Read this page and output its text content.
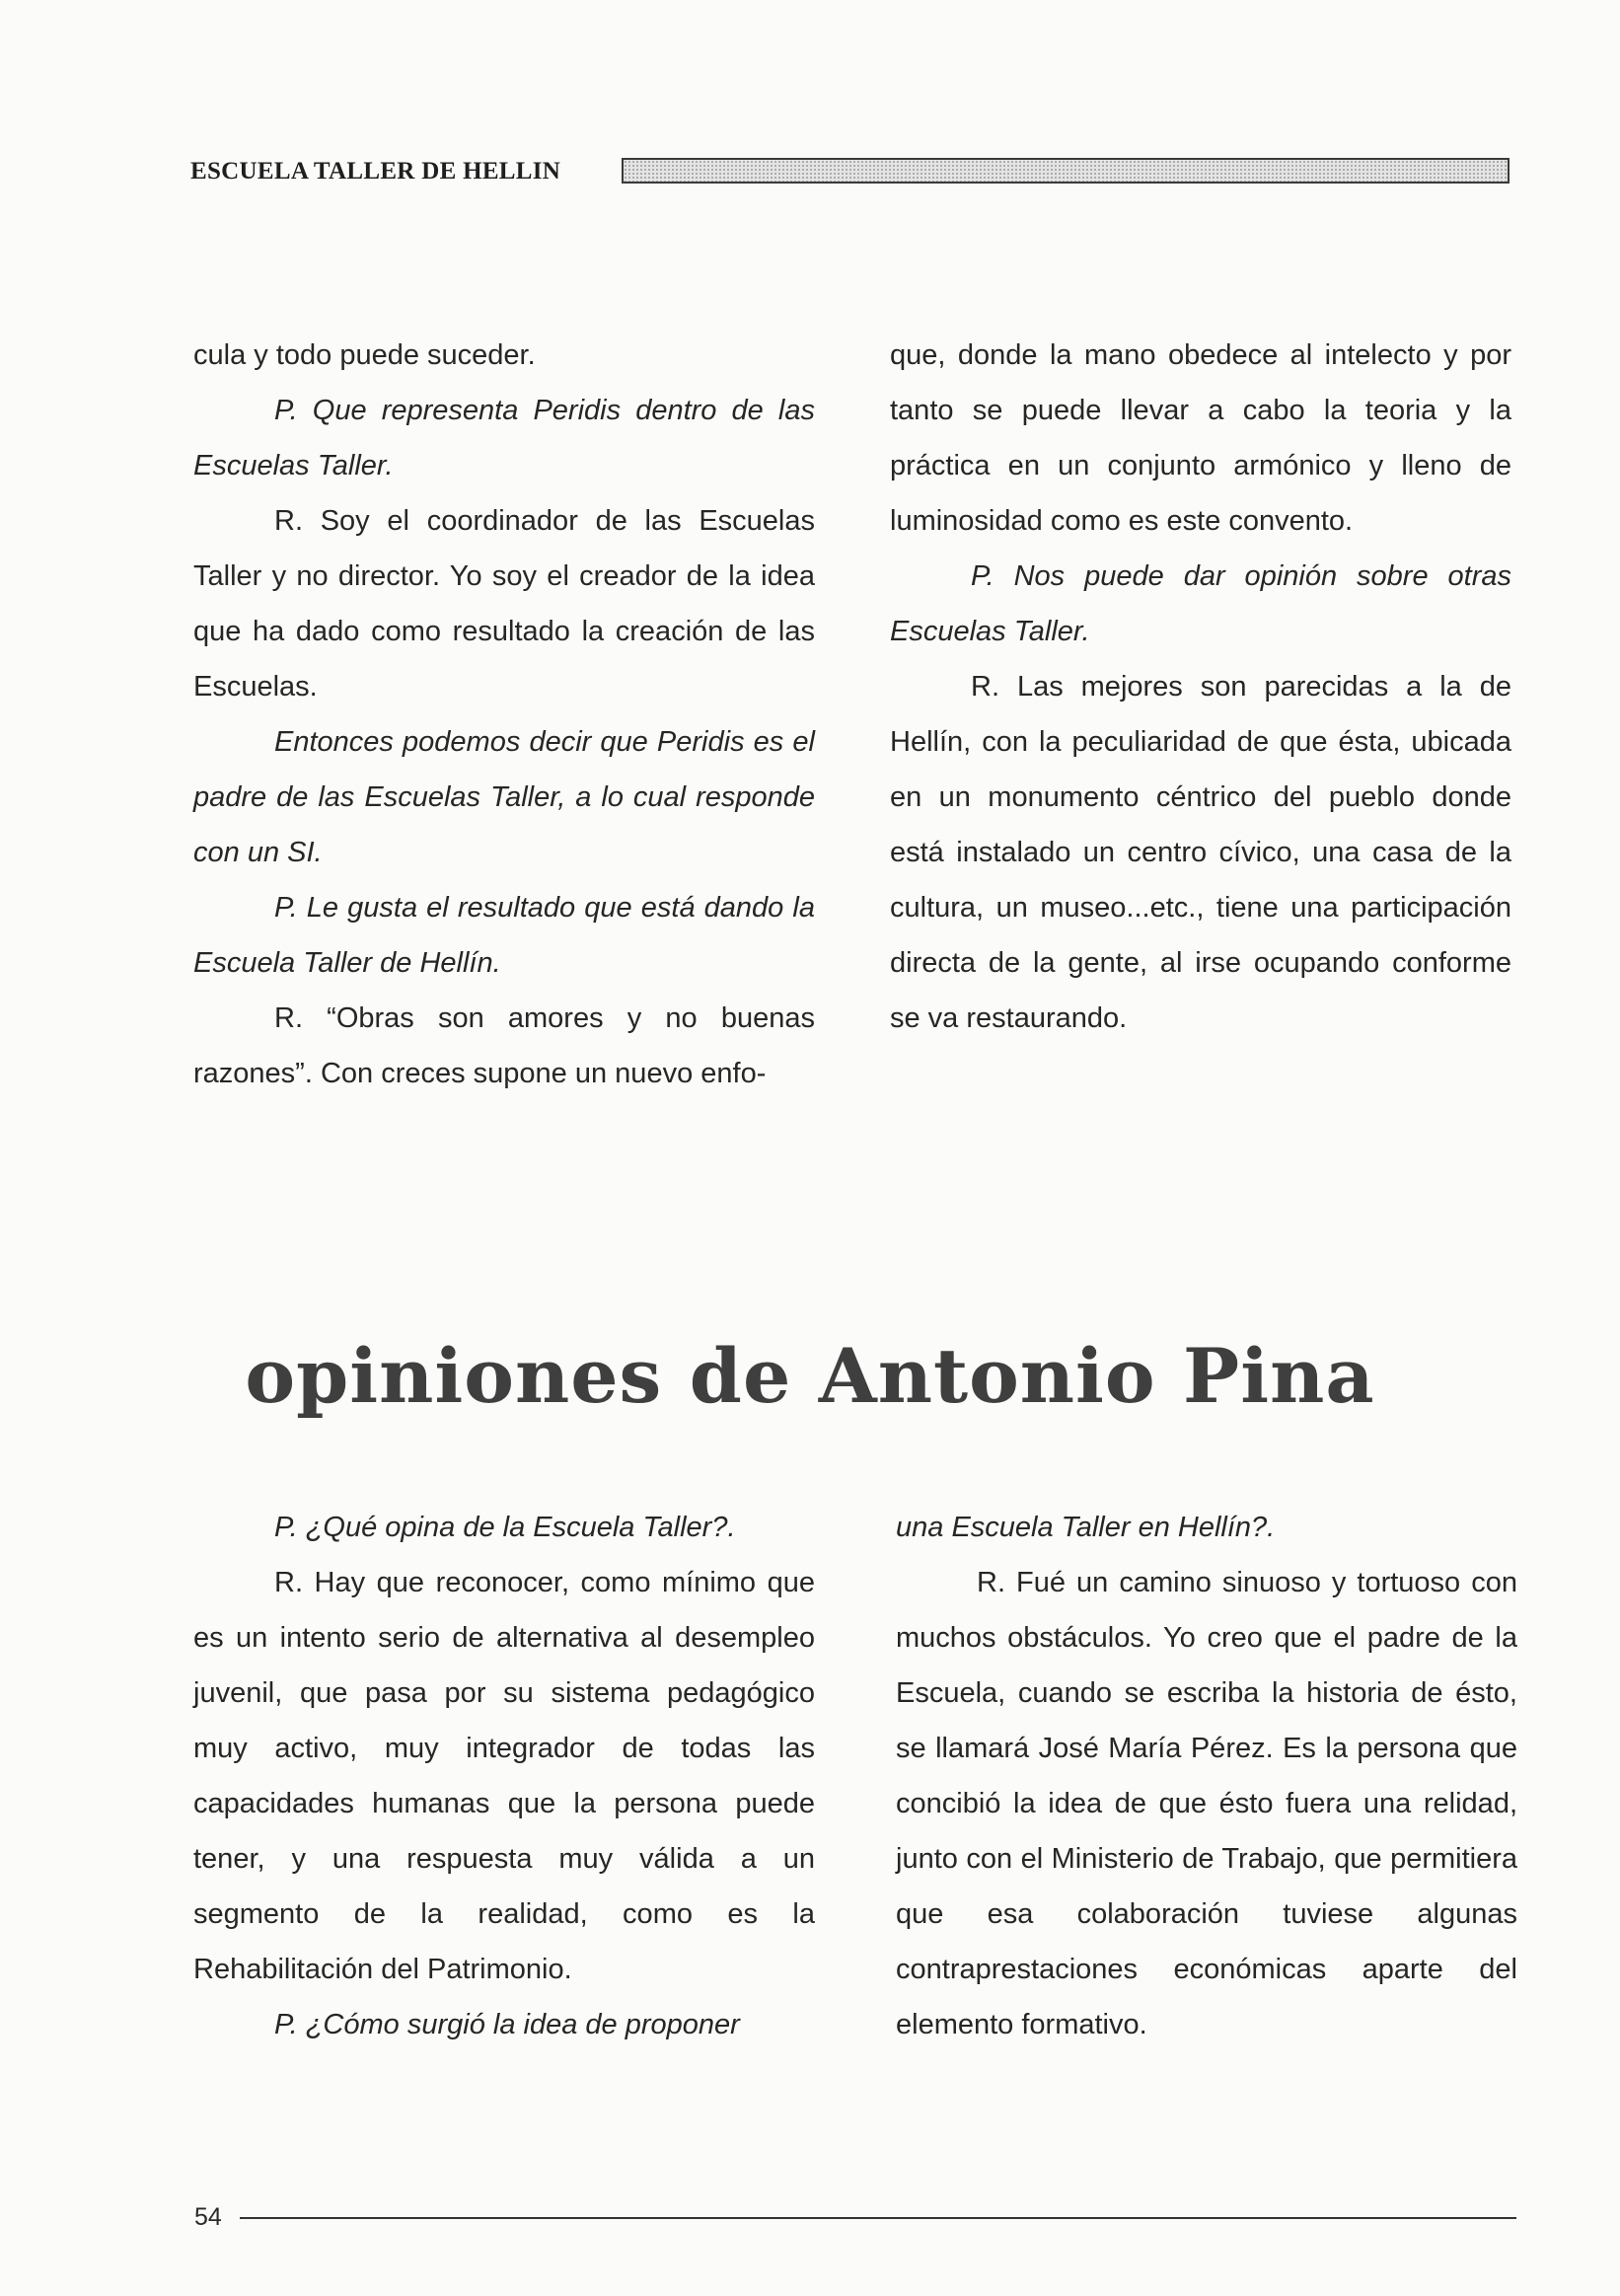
ESCUELA TALLER DE HELLIN

cula y todo puede suceder.

P. Que representa Peridis dentro de las Escuelas Taller.

R. Soy el coordinador de las Escuelas Taller y no director. Yo soy el creador de la idea que ha dado como resultado la creación de las Escuelas.

Entonces podemos decir que Peridis es el padre de las Escuelas Taller, a lo cual responde con un SI.

P. Le gusta el resultado que está dando la Escuela Taller de Hellín.

R. “Obras son amores y no buenas razones”. Con creces supone un nuevo enfo-

que, donde la mano obedece al intelecto y por tanto se puede llevar a cabo la teoria y la práctica en un conjunto armónico y lleno de luminosidad como es este convento.

P. Nos puede dar opinión sobre otras Escuelas Taller.

R. Las mejores son parecidas a la de Hellín, con la peculiaridad de que ésta, ubicada en un monumento céntrico del pueblo donde está instalado un centro cívico, una casa de la cultura, un museo...etc., tiene una participación directa de la gente, al irse ocupando conforme se va restaurando.

opiniones de Antonio Pina

P. ¿Qué opina de la Escuela Taller?.

R. Hay que reconocer, como mínimo que es un intento serio de alternativa al desempleo juvenil, que pasa por su sistema pedagógico muy activo, muy integrador de todas las capacidades humanas que la persona puede tener, y una respuesta muy válida a un segmento de la realidad, como es la Rehabilitación del Patrimonio.

P. ¿Cómo surgió la idea de proponer

una Escuela Taller en Hellín?.

R. Fué un camino sinuoso y tortuoso con muchos obstáculos. Yo creo que el padre de la Escuela, cuando se escriba la historia de ésto, se llamará José María Pérez. Es la persona que concibió la idea de que ésto fuera una relidad, junto con el Ministerio de Trabajo, que permitiera que esa colaboración tuviese algunas contraprestaciones económicas aparte del elemento formativo.

54
